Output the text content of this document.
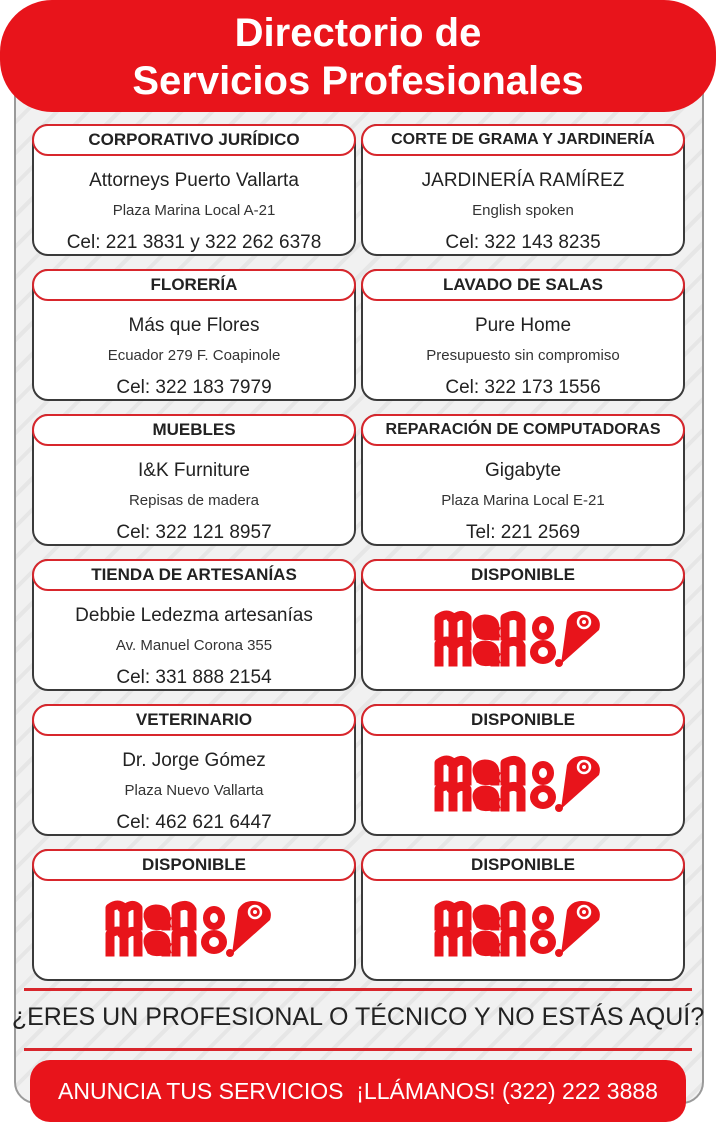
Directorio de
Servicios Profesionales
CORPORATIVO JURÍDICO
Attorneys Puerto Vallarta
Plaza Marina Local A-21
Cel: 221 3831 y 322 262 6378
CORTE DE GRAMA Y JARDINERÍA
JARDINERÍA RAMÍREZ
English spoken
Cel: 322 143 8235
FLORERÍA
Más que Flores
Ecuador 279 F. Coapinole
Cel: 322 183 7979
LAVADO DE SALAS
Pure Home
Presupuesto sin compromiso
Cel: 322 173 1556
MUEBLES
I&K Furniture
Repisas de madera
Cel: 322 121 8957
REPARACIÓN DE COMPUTADORAS
Gigabyte
Plaza Marina Local E-21
Tel: 221 2569
TIENDA DE ARTESANÍAS
Debbie Ledezma artesanías
Av. Manuel Corona 355
Cel: 331 888 2154
DISPONIBLE
VETERINARIO
Dr. Jorge Gómez
Plaza Nuevo Vallarta
Cel: 462 621 6447
DISPONIBLE
DISPONIBLE	DISPONIBLE
¿ERES UN PROFESIONAL O TÉCNICO Y NO ESTÁS AQUÍ?
ANUNCIA TUS SERVICIOS  ¡LLÁMANOS! (322) 222 3888
